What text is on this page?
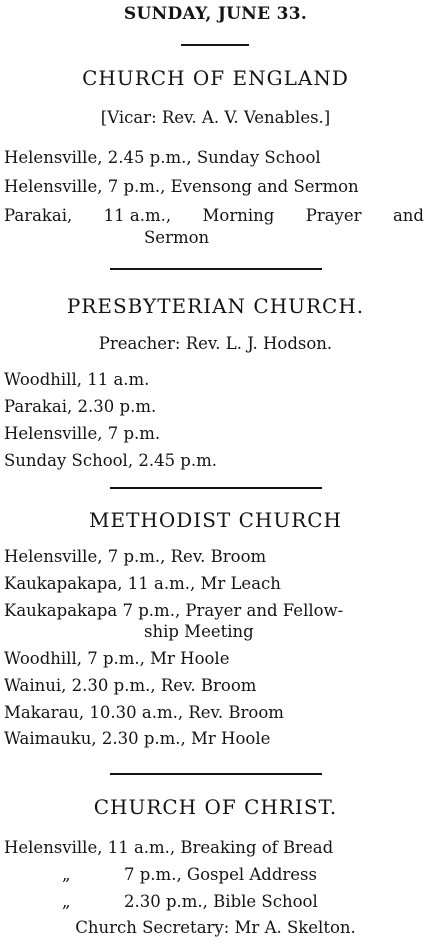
SUNDAY, JUNE 33.
CHURCH OF ENGLAND
[Vicar: Rev. A. V. Venables.]
Helensville, 2.45 p.m., Sunday School
Helensville, 7 p.m., Evensong and Sermon
Parakai, 11 a.m., Morning Prayer and
Sermon
PRESBYTERIAN CHURCH.
Preacher: Rev. L. J. Hodson.
Woodhill, 11 a.m.
Parakai, 2.30 p.m.
Helensville, 7 p.m.
Sunday School, 2.45 p.m.
METHODIST CHURCH
Helensville, 7 p.m., Rev. Broom
Kaukapakapa, 11 a.m., Mr Leach
Kaukapakapa 7 p.m., Prayer and Fellow-
ship Meeting
Woodhill, 7 p.m., Mr Hoole
Wainui, 2.30 p.m., Rev. Broom
Makarau, 10.30 a.m., Rev. Broom
Waimauku, 2.30 p.m., Mr Hoole
CHURCH OF CHRIST.
Helensville, 11 a.m., Breaking of Bread
„	7 p.m., Gospel Address
„	2.30 p.m., Bible School
Church Secretary: Mr A. Skelton.
